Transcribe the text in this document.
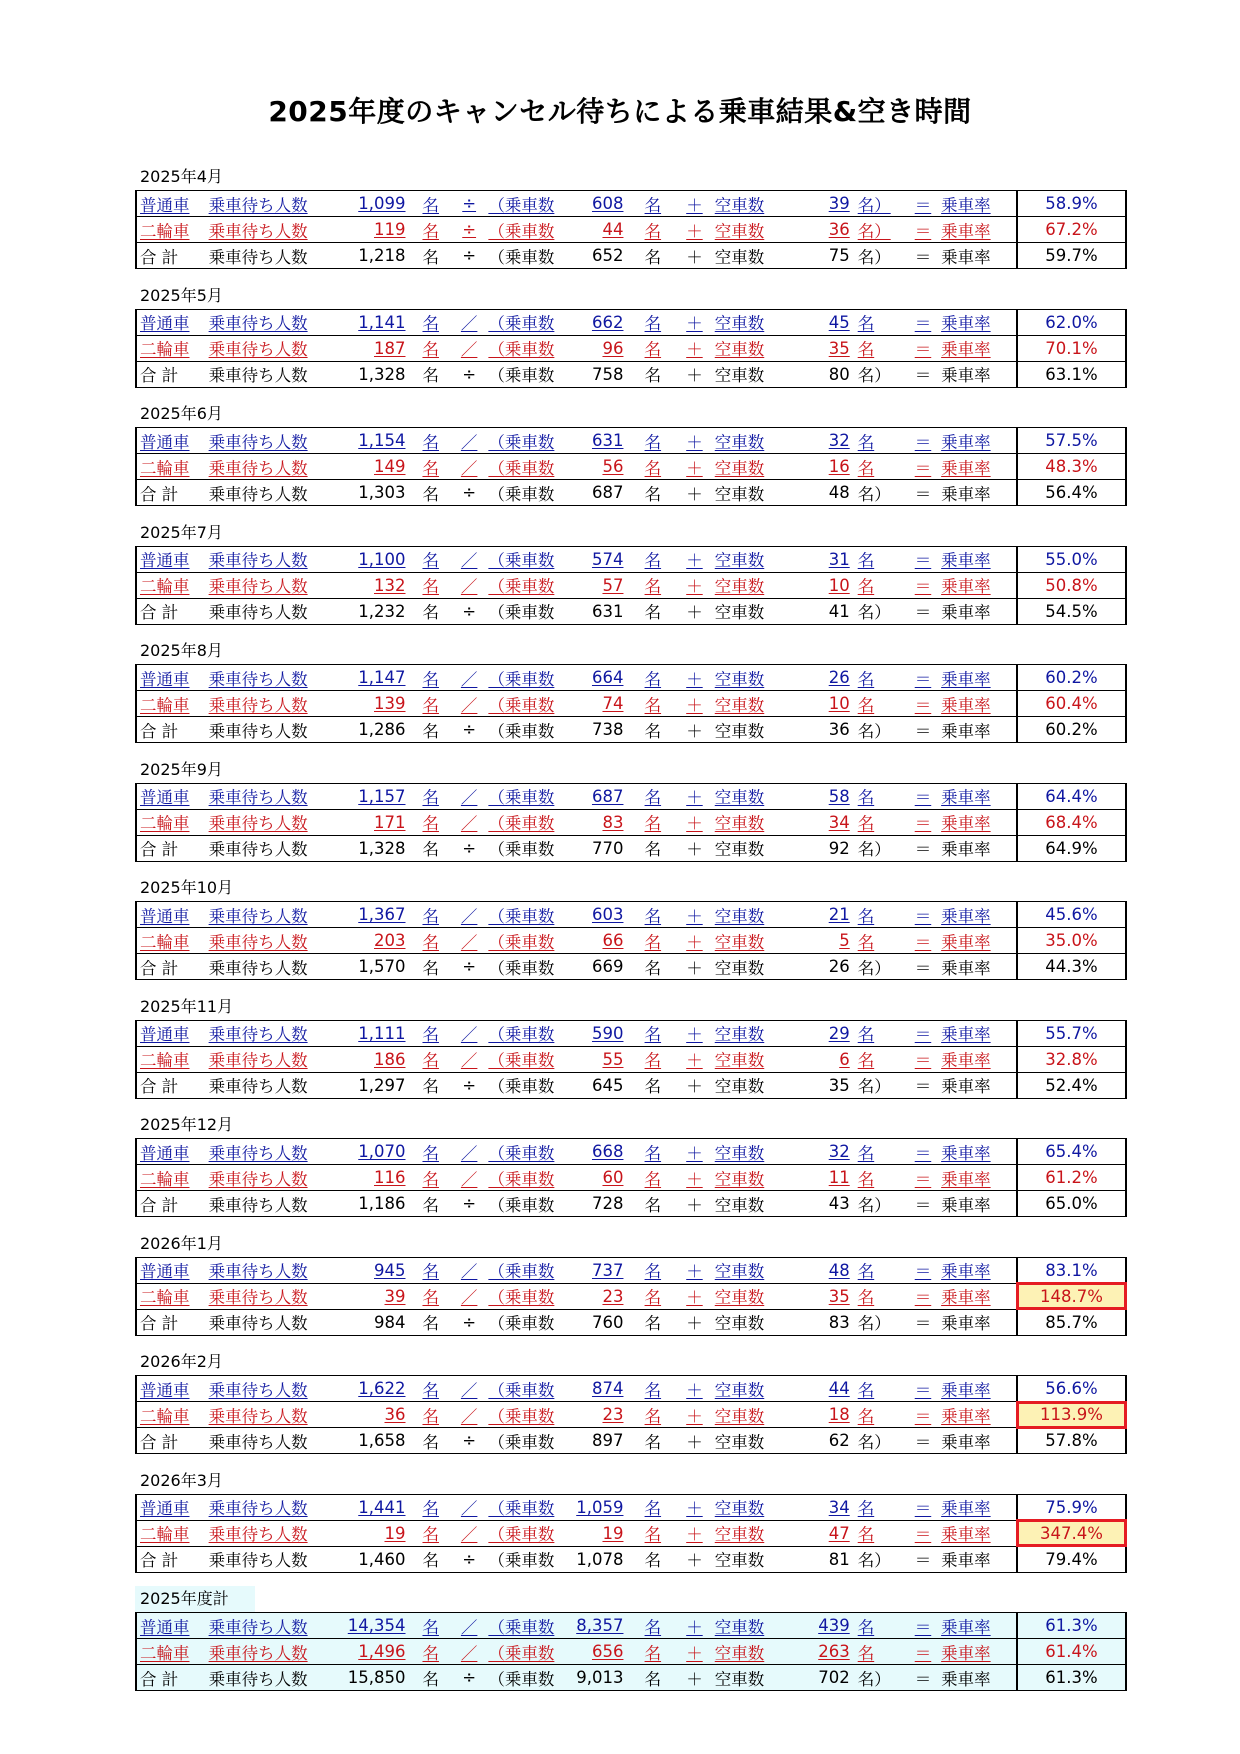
2025年度のキャンセル待ちによる乗車結果&空き時間
2025年4月
普通車	乗車待ち人数	1,099	名	÷	（乗車数	608	名	＋	空車数	39	名）	＝	乗車率	58.9%
二輪車	乗車待ち人数	119	名	÷	（乗車数	44	名	＋	空車数	36	名）	＝	乗車率	67.2%
合 計	乗車待ち人数	1,218	名	÷	（乗車数	652	名	＋	空車数	75	名）	＝	乗車率	59.7%
2025年5月
普通車	乗車待ち人数	1,141	名	／	（乗車数	662	名	＋	空車数	45	名	＝	乗車率	62.0%
二輪車	乗車待ち人数	187	名	／	（乗車数	96	名	＋	空車数	35	名	＝	乗車率	70.1%
合 計	乗車待ち人数	1,328	名	÷	（乗車数	758	名	＋	空車数	80	名）	＝	乗車率	63.1%
2025年6月
普通車	乗車待ち人数	1,154	名	／	（乗車数	631	名	＋	空車数	32	名	＝	乗車率	57.5%
二輪車	乗車待ち人数	149	名	／	（乗車数	56	名	＋	空車数	16	名	＝	乗車率	48.3%
合 計	乗車待ち人数	1,303	名	÷	（乗車数	687	名	＋	空車数	48	名）	＝	乗車率	56.4%
2025年7月
普通車	乗車待ち人数	1,100	名	／	（乗車数	574	名	＋	空車数	31	名	＝	乗車率	55.0%
二輪車	乗車待ち人数	132	名	／	（乗車数	57	名	＋	空車数	10	名	＝	乗車率	50.8%
合 計	乗車待ち人数	1,232	名	÷	（乗車数	631	名	＋	空車数	41	名）	＝	乗車率	54.5%
2025年8月
普通車	乗車待ち人数	1,147	名	／	（乗車数	664	名	＋	空車数	26	名	＝	乗車率	60.2%
二輪車	乗車待ち人数	139	名	／	（乗車数	74	名	＋	空車数	10	名	＝	乗車率	60.4%
合 計	乗車待ち人数	1,286	名	÷	（乗車数	738	名	＋	空車数	36	名）	＝	乗車率	60.2%
2025年9月
普通車	乗車待ち人数	1,157	名	／	（乗車数	687	名	＋	空車数	58	名	＝	乗車率	64.4%
二輪車	乗車待ち人数	171	名	／	（乗車数	83	名	＋	空車数	34	名	＝	乗車率	68.4%
合 計	乗車待ち人数	1,328	名	÷	（乗車数	770	名	＋	空車数	92	名）	＝	乗車率	64.9%
2025年10月
普通車	乗車待ち人数	1,367	名	／	（乗車数	603	名	＋	空車数	21	名	＝	乗車率	45.6%
二輪車	乗車待ち人数	203	名	／	（乗車数	66	名	＋	空車数	5	名	＝	乗車率	35.0%
合 計	乗車待ち人数	1,570	名	÷	（乗車数	669	名	＋	空車数	26	名）	＝	乗車率	44.3%
2025年11月
普通車	乗車待ち人数	1,111	名	／	（乗車数	590	名	＋	空車数	29	名	＝	乗車率	55.7%
二輪車	乗車待ち人数	186	名	／	（乗車数	55	名	＋	空車数	6	名	＝	乗車率	32.8%
合 計	乗車待ち人数	1,297	名	÷	（乗車数	645	名	＋	空車数	35	名）	＝	乗車率	52.4%
2025年12月
普通車	乗車待ち人数	1,070	名	／	（乗車数	668	名	＋	空車数	32	名	＝	乗車率	65.4%
二輪車	乗車待ち人数	116	名	／	（乗車数	60	名	＋	空車数	11	名	＝	乗車率	61.2%
合 計	乗車待ち人数	1,186	名	÷	（乗車数	728	名	＋	空車数	43	名）	＝	乗車率	65.0%
2026年1月
普通車	乗車待ち人数	945	名	／	（乗車数	737	名	＋	空車数	48	名	＝	乗車率	83.1%
二輪車	乗車待ち人数	39	名	／	（乗車数	23	名	＋	空車数	35	名	＝	乗車率	148.7%
合 計	乗車待ち人数	984	名	÷	（乗車数	760	名	＋	空車数	83	名）	＝	乗車率	85.7%
2026年2月
普通車	乗車待ち人数	1,622	名	／	（乗車数	874	名	＋	空車数	44	名	＝	乗車率	56.6%
二輪車	乗車待ち人数	36	名	／	（乗車数	23	名	＋	空車数	18	名	＝	乗車率	113.9%
合 計	乗車待ち人数	1,658	名	÷	（乗車数	897	名	＋	空車数	62	名）	＝	乗車率	57.8%
2026年3月
普通車	乗車待ち人数	1,441	名	／	（乗車数	1,059	名	＋	空車数	34	名	＝	乗車率	75.9%
二輪車	乗車待ち人数	19	名	／	（乗車数	19	名	＋	空車数	47	名	＝	乗車率	347.4%
合 計	乗車待ち人数	1,460	名	÷	（乗車数	1,078	名	＋	空車数	81	名）	＝	乗車率	79.4%
2025年度計
普通車	乗車待ち人数	14,354	名	／	（乗車数	8,357	名	＋	空車数	439	名	＝	乗車率	61.3%
二輪車	乗車待ち人数	1,496	名	／	（乗車数	656	名	＋	空車数	263	名	＝	乗車率	61.4%
合 計	乗車待ち人数	15,850	名	÷	（乗車数	9,013	名	＋	空車数	702	名）	＝	乗車率	61.3%
